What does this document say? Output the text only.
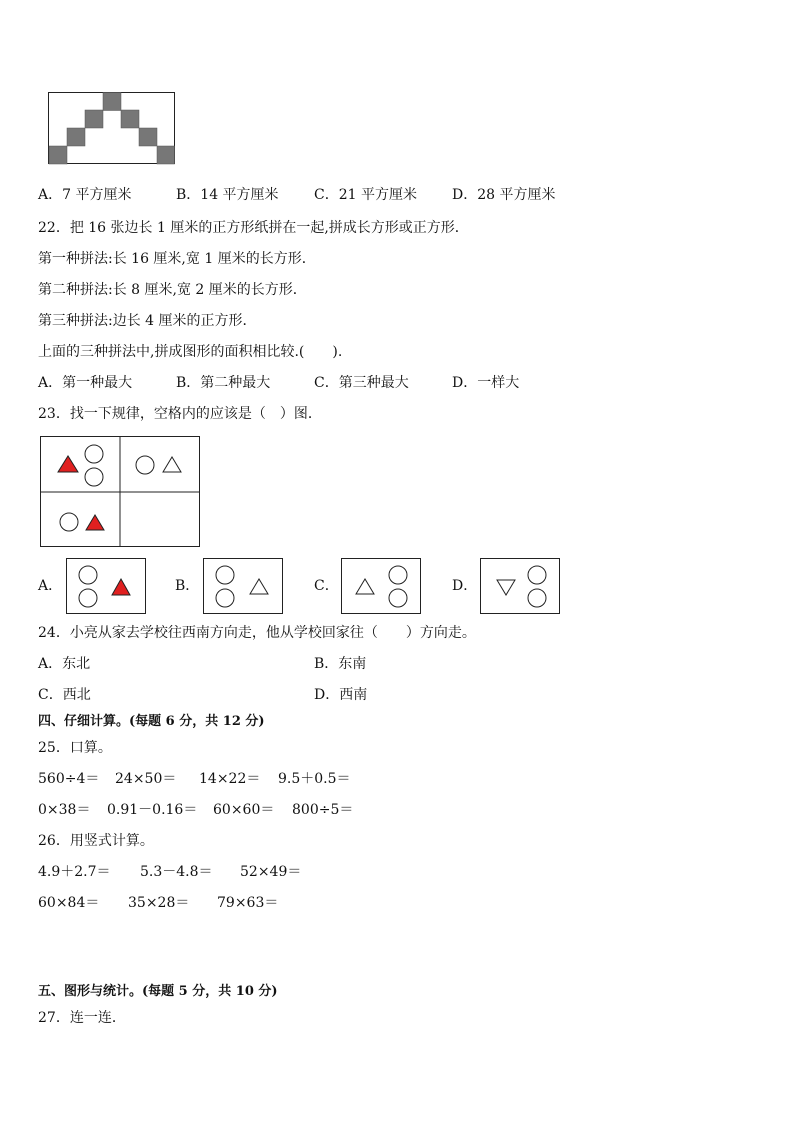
A．7 平方厘米	B．14 平方厘米	C．21 平方厘米	D．28 平方厘米
22．把 16 张边长 1 厘米的正方形纸拼在一起,拼成长方形或正方形．
第一种拼法:长 16 厘米,宽 1 厘米的长方形．
第二种拼法:长 8 厘米,宽 2 厘米的长方形．
第三种拼法:边长 4 厘米的正方形．
上面的三种拼法中,拼成图形的面积相比较.(　　).
A．第一种最大	B．第二种最大	C．第三种最大	D．一样大
23．找一下规律，空格内的应该是（　）图．
A．	B．	C．	D．
24．小亮从家去学校往西南方向走，他从学校回家往（　　）方向走。
A．东北	B．东南
C．西北	D．西南
四、仔细计算。(每题 6 分，共 12 分)
25．口算。
560÷4＝ 24×50＝ 14×22＝ 9.5＋0.5＝
0×38＝ 0.91－0.16＝ 60×60＝ 800÷5＝
26．用竖式计算。
4.9＋2.7＝ 5.3－4.8＝ 52×49＝
60×84＝ 35×28＝ 79×63＝
五、图形与统计。(每题 5 分，共 10 分)
27．连一连．
